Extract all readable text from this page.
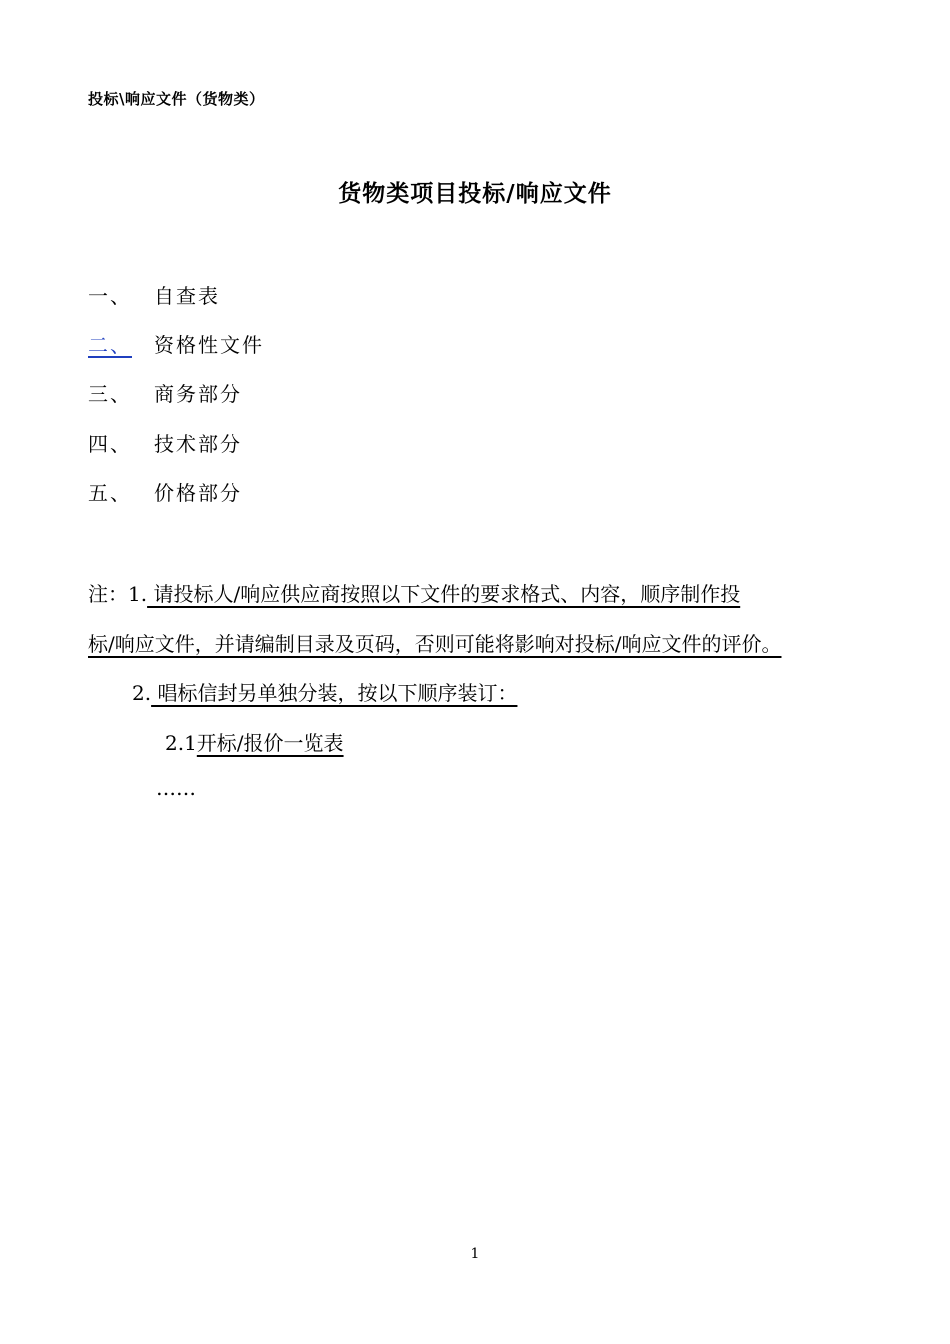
投标\响应文件（货物类）
货物类项目投标/响应文件
一、 自查表
二、 资格性文件
三、 商务部分
四、 技术部分
五、 价格部分
注：1. 请投标人/响应供应商按照以下文件的要求格式、内容，顺序制作投
标/响应文件，并请编制目录及页码，否则可能将影响对投标/响应文件的评价。
2. 唱标信封另单独分装，按以下顺序装订：
2.1开标/报价一览表
……
1
